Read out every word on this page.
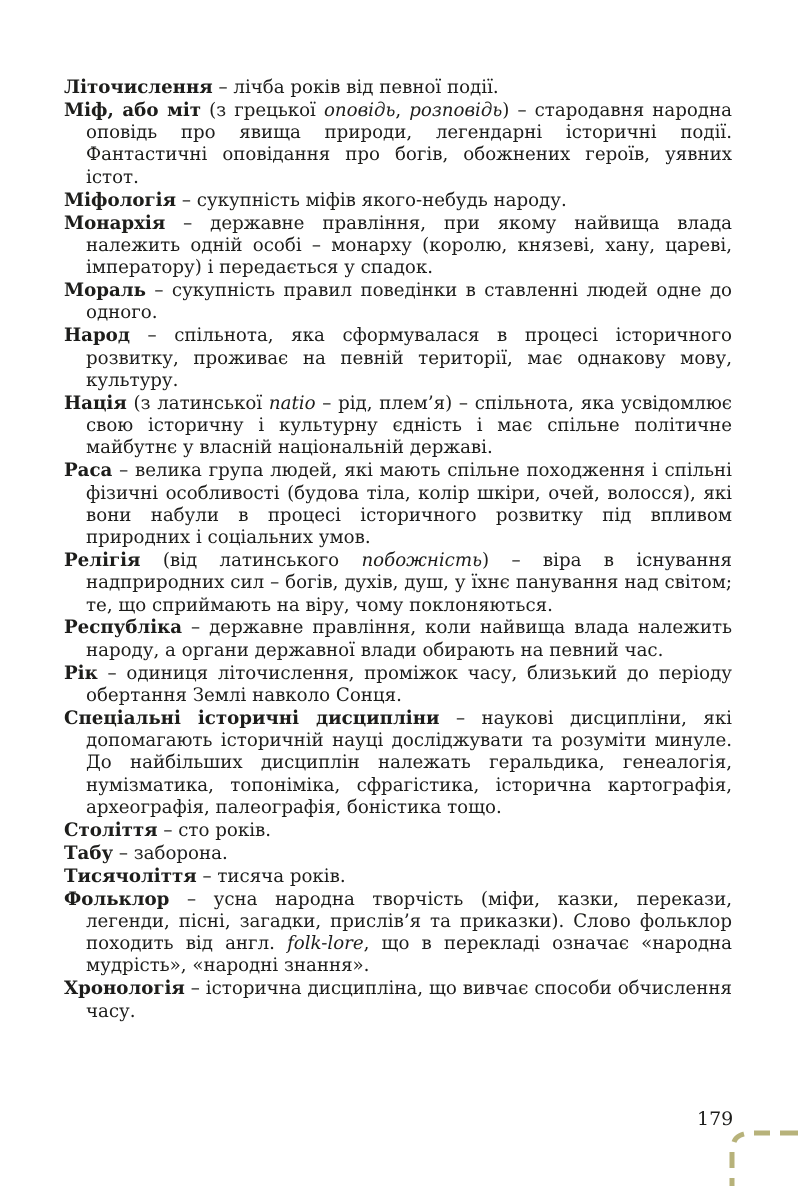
Літочислення – лічба років від певної події.

Міф, або міт (з грецької оповідь, розповідь) – стародавня народна оповідь про явища природи, легендарні історичні події. Фантастичні оповідання про богів, обожнених героїв, уявних істот.

Міфологія – сукупність міфів якого-небудь народу.

Монархія – державне правління, при якому найвища влада належить одній особі – монарху (королю, князеві, хану, цареві, імператору) і передається у спадок.

Мораль – сукупність правил поведінки в ставленні людей одне до одного.

Народ – спільнота, яка сформувалася в процесі історичного розвитку, проживає на певній території, має однакову мову, культуру.

Нація (з латинської natio – рід, плем’я) – спільнота, яка усвідомлює свою історичну і культурну єдність і має спільне політичне майбутнє у власній національній державі.

Раса – велика група людей, які мають спільне походження і спільні фізичні особливості (будова тіла, колір шкіри, очей, волосся), які вони набули в процесі історичного розвитку під впливом природних і соціальних умов.

Релігія (від латинського побожність) – віра в існування надприродних сил – богів, духів, душ, у їхнє панування над світом; те, що сприймають на віру, чому поклоняються.

Республіка – державне правління, коли найвища влада належить народу, а органи державної влади обирають на певний час.

Рік – одиниця літочислення, проміжок часу, близький до періоду обертання Землі навколо Сонця.

Спеціальні історичні дисципліни – наукові дисципліни, які допомагають історичній науці досліджувати та розуміти минуле. До найбільших дисциплін належать геральдика, генеалогія, нумізматика, топоніміка, сфрагістика, історична картографія, археографія, палеографія, боністика тощо.

Століття – сто років.

Табу – заборона.

Тисячоліття – тисяча років.

Фольклор – усна народна творчість (міфи, казки, перекази, легенди, пісні, загадки, прислів’я та приказки). Слово фольклор походить від англ. folk-lore, що в перекладі означає «народна мудрість», «народні знання».

Хронологія – історична дисципліна, що вивчає способи обчислення часу.

179
